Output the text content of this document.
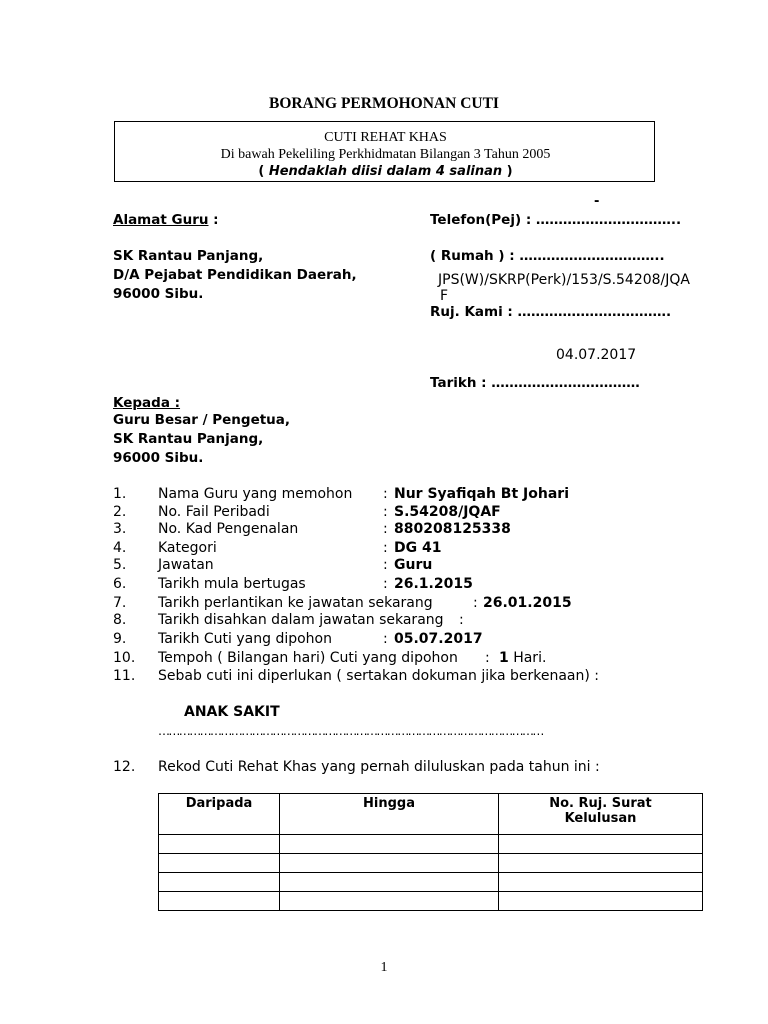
BORANG PERMOHONAN CUTI
CUTI REHAT KHAS
Di bawah Pekeliling Perkhidmatan Bilangan 3 Tahun 2005
( Hendaklah diisi dalam 4 salinan )
-
Alamat Guru :
SK Rantau Panjang,
D/A Pejabat Pendidikan Daerah,
96000 Sibu.
Telefon(Pej) : …………………………..
( Rumah ) : …………………………..
JPS(W)/SKRP(Perk)/153/S.54208/JQA
F
Ruj. Kami : …………………………….
04.07.2017
Tarikh : ……………………………
Kepada :
Guru Besar / Pengetua,
SK Rantau Panjang,
96000 Sibu.
1. Nama Guru yang memohon : Nur Syafiqah Bt Johari
2. No. Fail Peribadi	: S.54208/JQAF
3. No. Kad Pengenalan	: 880208125338
4. Kategori	: DG 41
5. Jawatan	: Guru
6. Tarikh mula bertugas	: 26.1.2015
7. Tarikh perlantikan ke jawatan sekarang	: 26.01.2015
8. Tarikh disahkan dalam jawatan sekarang :
9. Tarikh Cuti yang dipohon	: 05.07.2017
10. Tempoh ( Bilangan hari) Cuti yang dipohon : 1 Hari.
11. Sebab cuti ini diperlukan ( sertakan dokuman jika berkenaan) :
ANAK SAKIT
…………………………………………………………………………………………………
12. Rekod Cuti Rehat Khas yang pernah diluluskan pada tahun ini :
Daripada	Hingga	No. Ruj. Surat Kelulusan

1
